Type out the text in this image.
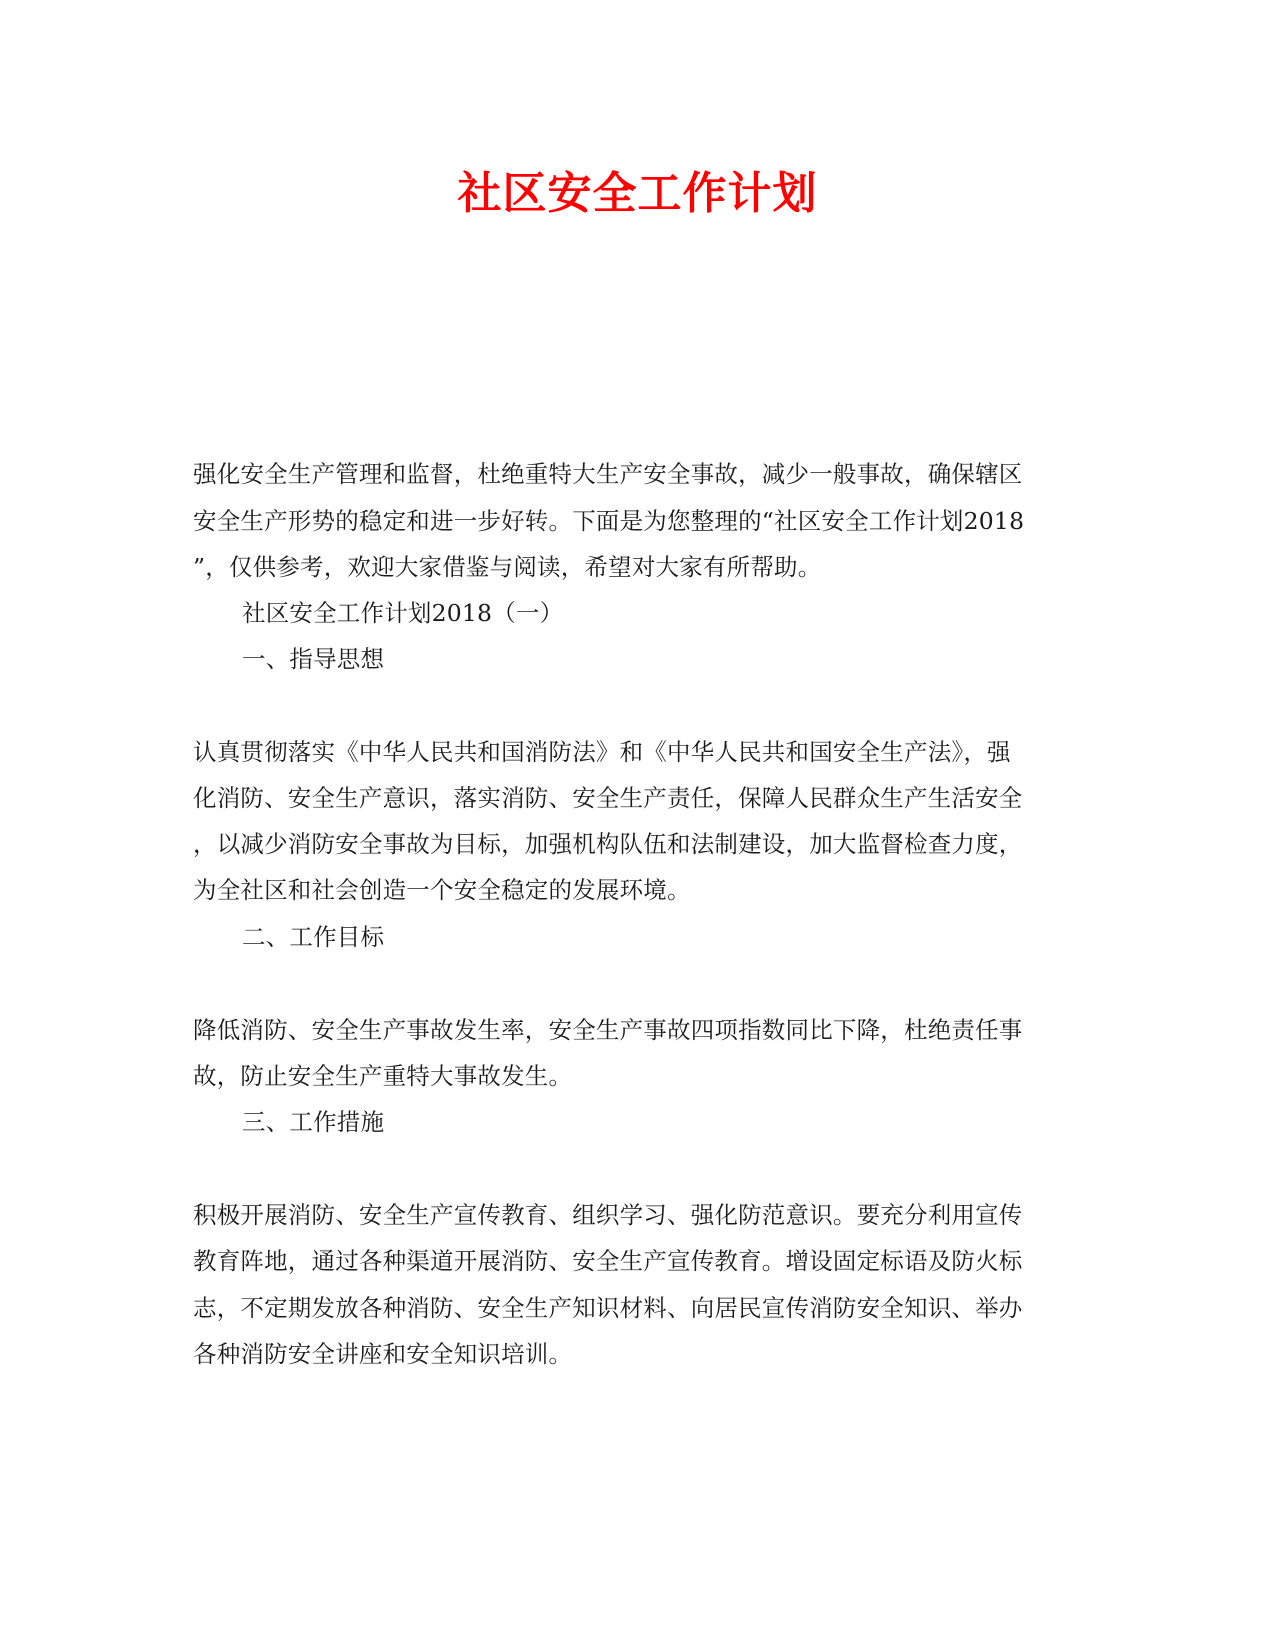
社区安全工作计划
强化安全生产管理和监督，杜绝重特大生产安全事故，减少一般事故，确保辖区
安全生产形势的稳定和进一步好转。下面是为您整理的“社区安全工作计划2018
”，仅供参考，欢迎大家借鉴与阅读，希望对大家有所帮助。
社区安全工作计划2018（一）
一、指导思想
认真贯彻落实《中华人民共和国消防法》和《中华人民共和国安全生产法》，强
化消防、安全生产意识，落实消防、安全生产责任，保障人民群众生产生活安全
，以减少消防安全事故为目标，加强机构队伍和法制建设，加大监督检查力度，
为全社区和社会创造一个安全稳定的发展环境。
二、工作目标
降低消防、安全生产事故发生率，安全生产事故四项指数同比下降，杜绝责任事
故，防止安全生产重特大事故发生。
三、工作措施
积极开展消防、安全生产宣传教育、组织学习、强化防范意识。要充分利用宣传
教育阵地，通过各种渠道开展消防、安全生产宣传教育。增设固定标语及防火标
志，不定期发放各种消防、安全生产知识材料、向居民宣传消防安全知识、举办
各种消防安全讲座和安全知识培训。
